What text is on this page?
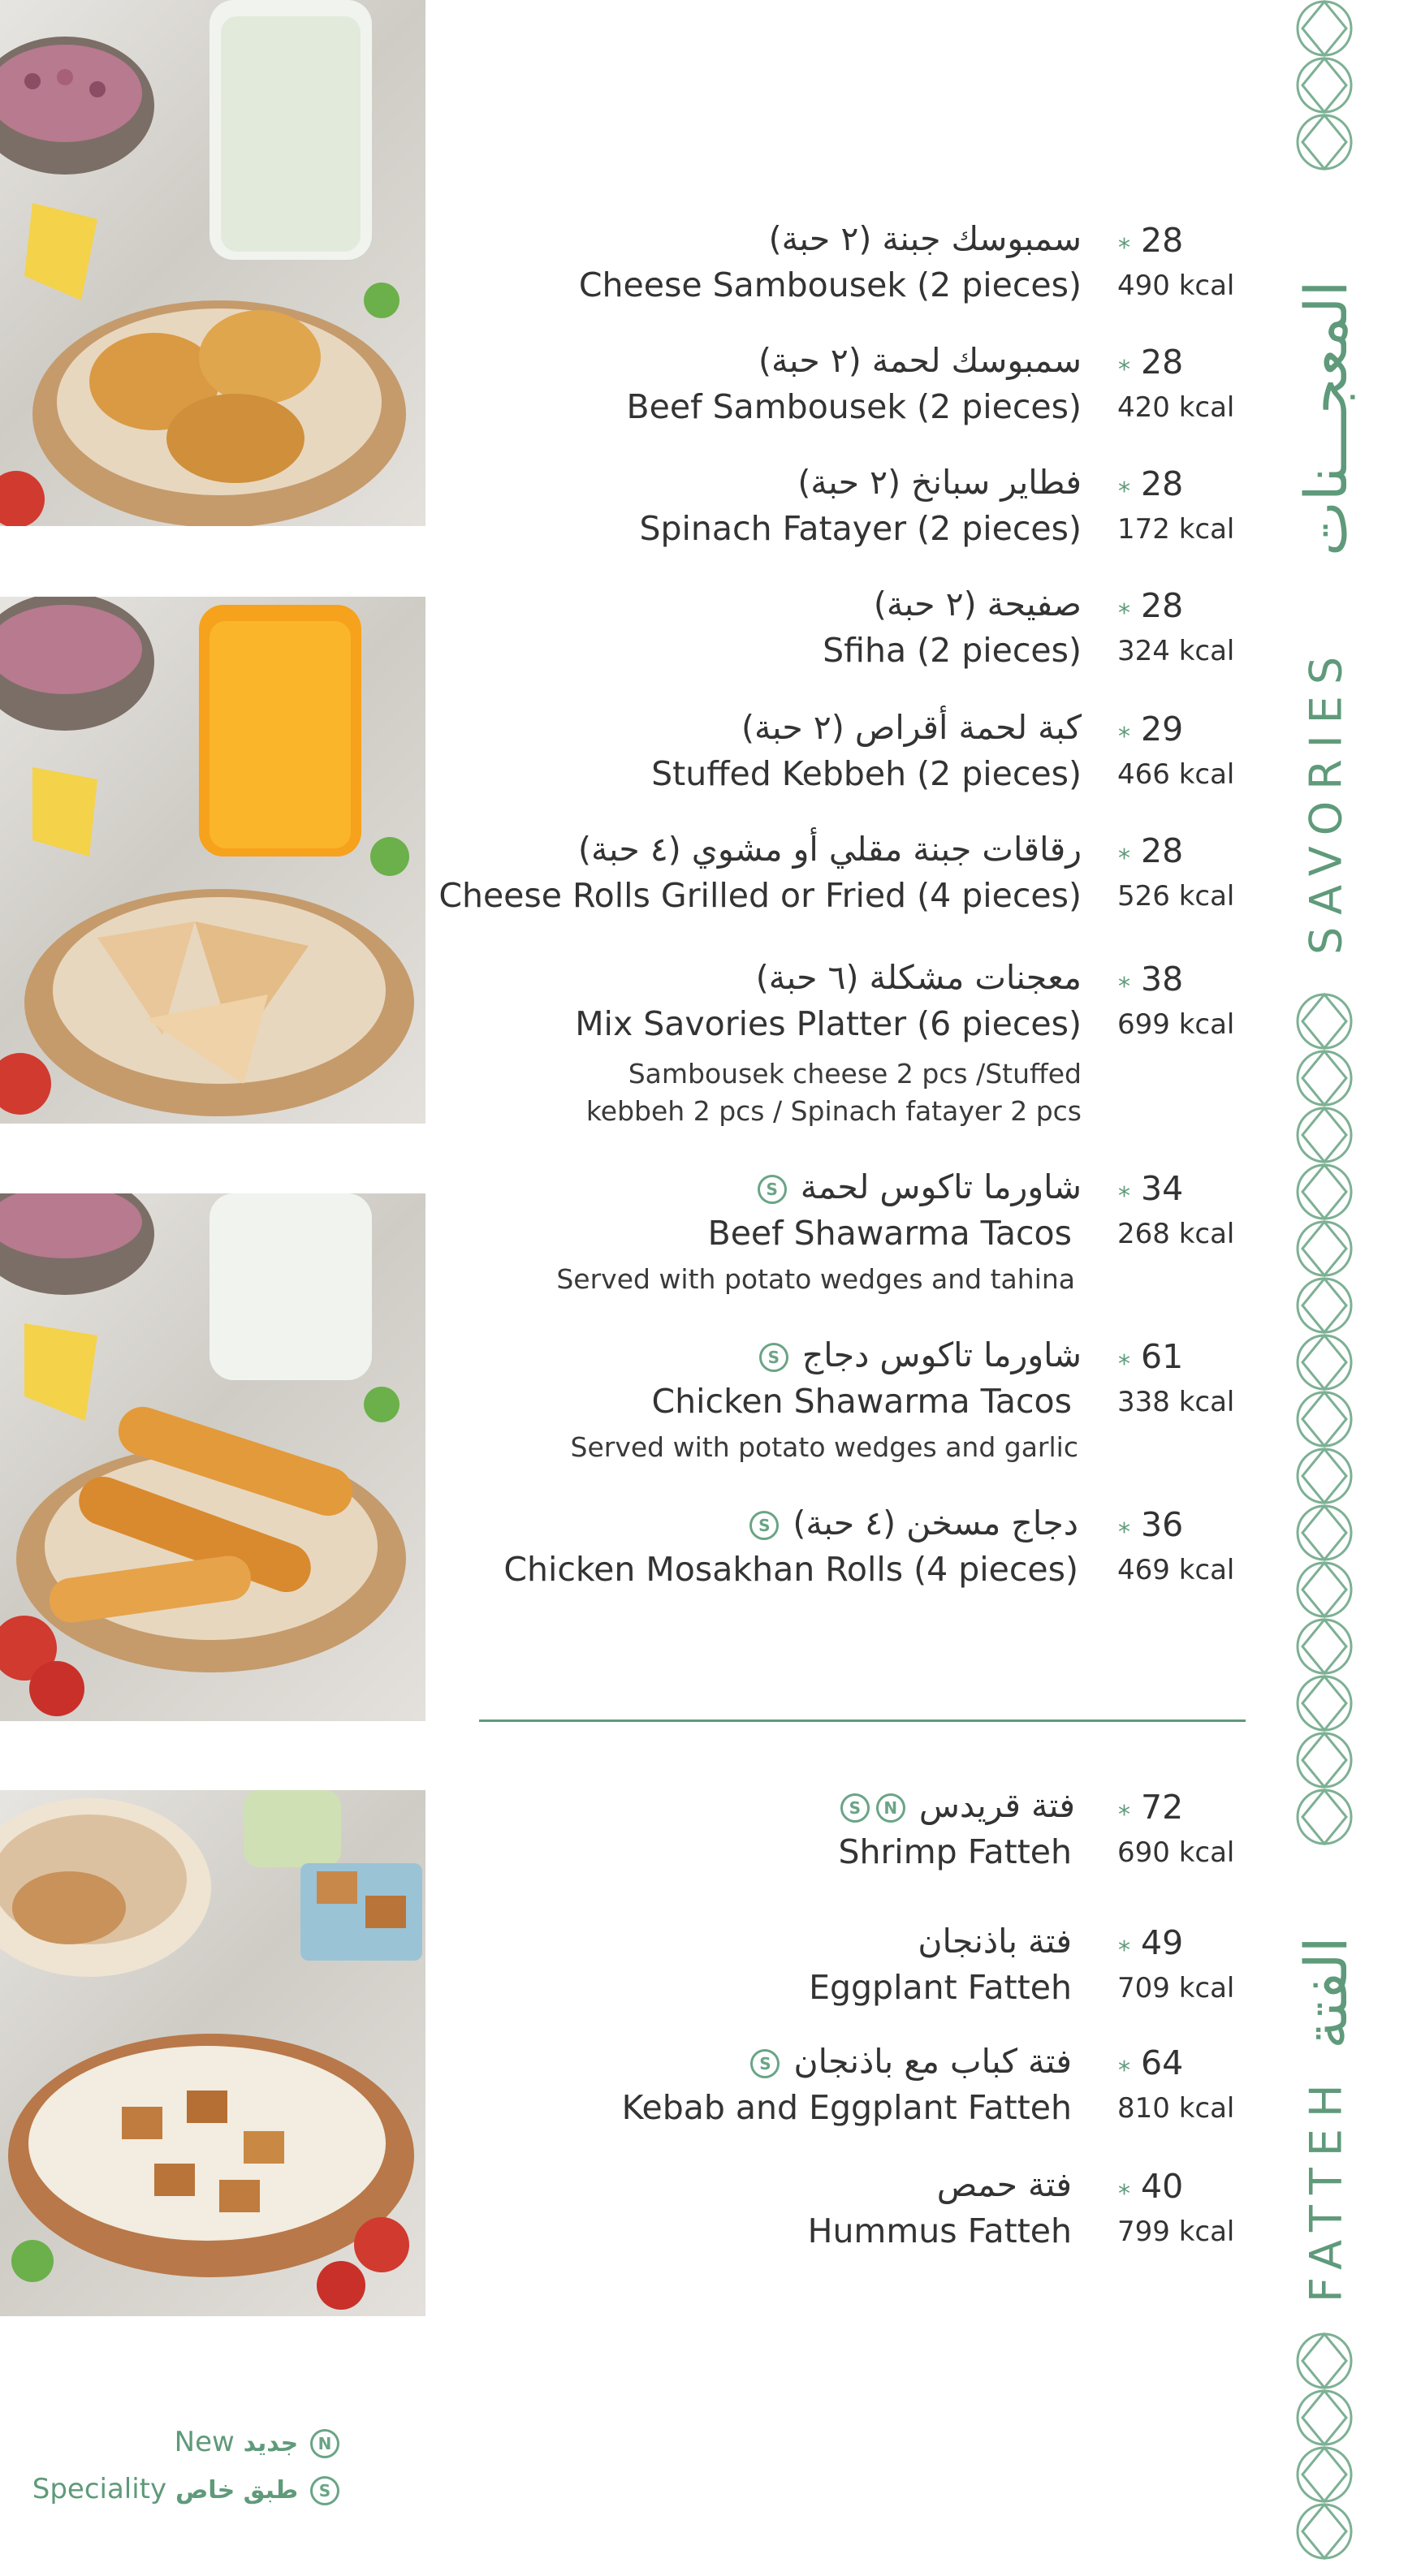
سمبوسك جبنة (٢ حبة)
Cheese Sambousek (2 pieces)
* 28
490 kcal
سمبوسك لحمة (٢ حبة)
Beef Sambousek (2 pieces)
* 28
420 kcal
فطاير سبانخ (٢ حبة)
Spinach Fatayer (2 pieces)
* 28
172 kcal
صفيحة (٢ حبة)
Sfiha (2 pieces)
* 28
324 kcal
كبة لحمة أقراص (٢ حبة)
Stuffed Kebbeh (2 pieces)
* 29
466 kcal
رقاقات جبنة مقلي أو مشوي (٤ حبة)
Cheese Rolls Grilled or Fried (4 pieces)
* 28
526 kcal
معجنات مشكلة (٦ حبة)
Mix Savories Platter (6 pieces)
Sambousek cheese 2 pcs /Stuffed kebbeh 2 pcs / Spinach fatayer 2 pcs
* 38
699 kcal
شاورما تاكوس لحمة S
Beef Shawarma Tacos
Served with potato wedges and tahina
* 34
268 kcal
شاورما تاكوس دجاج S
Chicken Shawarma Tacos
Served with potato wedges and garlic
* 61
338 kcal
دجاج مسخن (٤ حبة) S
Chicken Mosakhan Rolls (4 pieces)
* 36
469 kcal
فتة قريدس NS
Shrimp Fatteh
* 72
690 kcal
فتة باذنجان
Eggplant Fatteh
* 49
709 kcal
فتة كباب مع باذنجان S
Kebab and Eggplant Fatteh
* 64
810 kcal
فتة حمص
Hummus Fatteh
* 40
799 kcal
المعجـــنات
SAVORIES
الفتة
FATTEH
New جديد N
Speciality طبق خاص S
